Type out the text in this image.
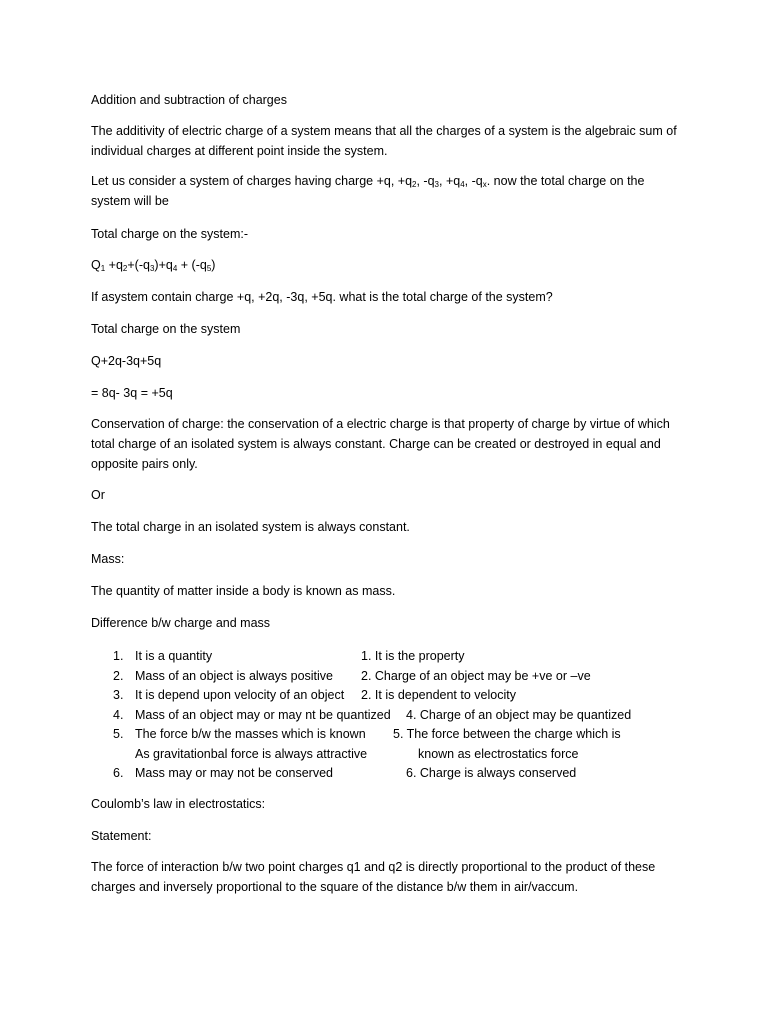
Addition and subtraction of charges
The additivity of electric charge of a system means that all the charges of a system is the algebraic sum of individual charges at different point inside the system.
Let us consider a system of charges having charge +q, $+q_2$, $-q_3$, $+q_4$, $-q_x$. now the total charge on the
system will be
Total charge on the system:-
$Q_1 +q_2+(-q_3)+q_4 + (-q_5)$
If asystem contain charge +q, +2q, -3q, +5q. what is the total charge of the system?
Total charge on the system
Q+2q-3q+5q
= 8q- 3q = +5q
Conservation of charge: the conservation of a electric charge is that property of charge by virtue of which total charge of an isolated system is always constant. Charge can be created or destroyed in equal and opposite pairs only.
Or
The total charge in an isolated system is always constant.
Mass:
The quantity of matter inside a body is known as mass.
Difference b/w charge and mass
1. It is a quantity	1. It is the property
2. Mass of an object is always positive 2. Charge of an object may be +ve or –ve
3. It is depend upon velocity of an object 2. It is dependent to velocity
4. Mass of an object may or may nt be quantized 4. Charge of an object may be quantized
5. The force b/w the masses which is known 5. The force between the charge which is
As gravitationbal force is always attractive	known as electrostatics force
6. Mass may or may not be conserved	6. Charge is always conserved
Coulomb’s law in electrostatics:
Statement:
The force of interaction b/w two point charges q1 and q2 is directly proportional to the product of these charges and inversely proportional to the square of the distance b/w them in air/vaccum.
